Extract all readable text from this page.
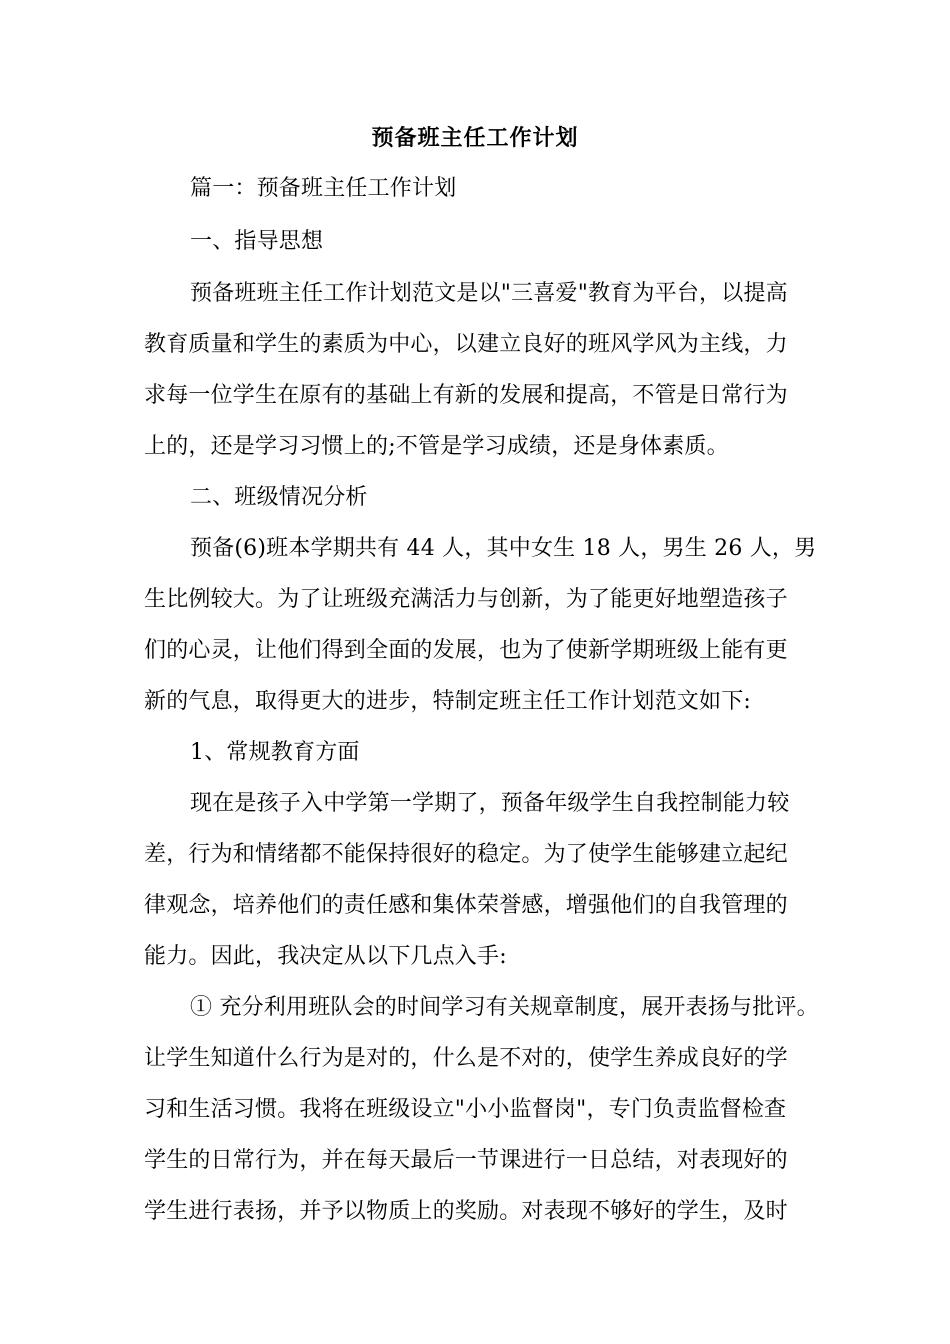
预备班主任工作计划
篇一：预备班主任工作计划
一、指导思想
预备班班主任工作计划范文是以"三喜爱"教育为平台，以提高
教育质量和学生的素质为中心，以建立良好的班风学风为主线，力
求每一位学生在原有的基础上有新的发展和提高，不管是日常行为
上的，还是学习习惯上的;不管是学习成绩，还是身体素质。
二、班级情况分析
预备(6)班本学期共有 44 人，其中女生 18 人，男生 26 人，男
生比例较大。为了让班级充满活力与创新，为了能更好地塑造孩子
们的心灵，让他们得到全面的发展，也为了使新学期班级上能有更
新的气息，取得更大的进步，特制定班主任工作计划范文如下:
1、常规教育方面
现在是孩子入中学第一学期了，预备年级学生自我控制能力较
差，行为和情绪都不能保持很好的稳定。为了使学生能够建立起纪
律观念，培养他们的责任感和集体荣誉感，增强他们的自我管理的
能力。因此，我决定从以下几点入手:
① 充分利用班队会的时间学习有关规章制度，展开表扬与批评。
让学生知道什么行为是对的，什么是不对的，使学生养成良好的学
习和生活习惯。我将在班级设立"小小监督岗"，专门负责监督检查
学生的日常行为，并在每天最后一节课进行一日总结，对表现好的
学生进行表扬，并予以物质上的奖励。对表现不够好的学生，及时
